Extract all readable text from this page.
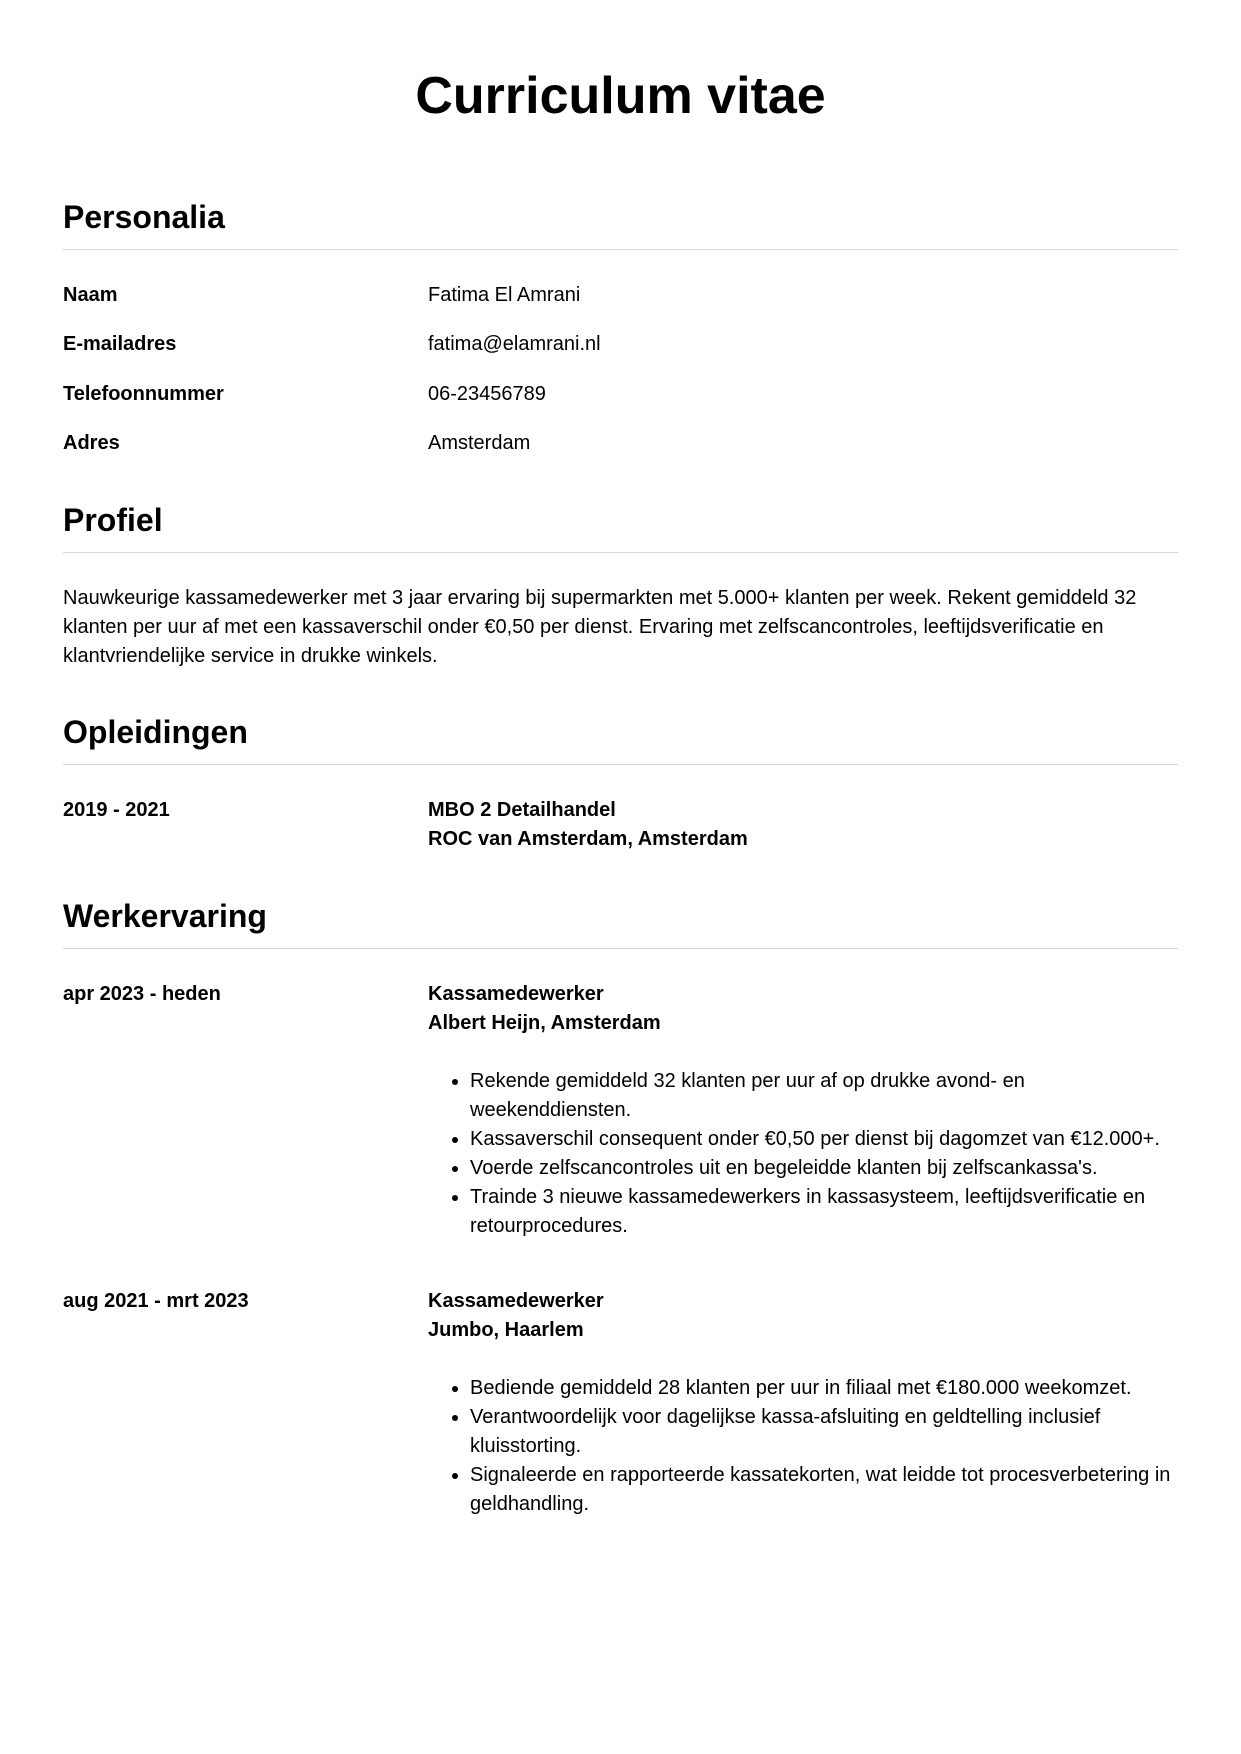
Curriculum vitae
Personalia
Naam	Fatima El Amrani
E-mailadres	fatima@elamrani.nl
Telefoonnummer	06-23456789
Adres	Amsterdam
Profiel

Nauwkeurige kassamedewerker met 3 jaar ervaring bij supermarkten met 5.000+ klanten per week. Rekent gemiddeld 32 klanten per uur af met een kassaverschil onder €0,50 per dienst. Ervaring met zelfscancontroles, leeftijdsverificatie en klantvriendelijke service in drukke winkels.

Opleidingen
2019 - 2021	MBO 2 Detailhandel
ROC van Amsterdam, Amsterdam
Werkervaring
apr 2023 - heden	Kassamedewerker
Albert Heijn, Amsterdam
• Rekende gemiddeld 32 klanten per uur af op drukke avond- en weekenddiensten.
• Kassaverschil consequent onder €0,50 per dienst bij dagomzet van €12.000+.
• Voerde zelfscancontroles uit en begeleidde klanten bij zelfscankassa's.
• Trainde 3 nieuwe kassamedewerkers in kassasysteem, leeftijdsverificatie en retourprocedures.
aug 2021 - mrt 2023	Kassamedewerker
Jumbo, Haarlem
• Bediende gemiddeld 28 klanten per uur in filiaal met €180.000 weekomzet.
• Verantwoordelijk voor dagelijkse kassa-afsluiting en geldtelling inclusief kluisstorting.
• Signaleerde en rapporteerde kassatekorten, wat leidde tot procesverbetering in geldhandling.
